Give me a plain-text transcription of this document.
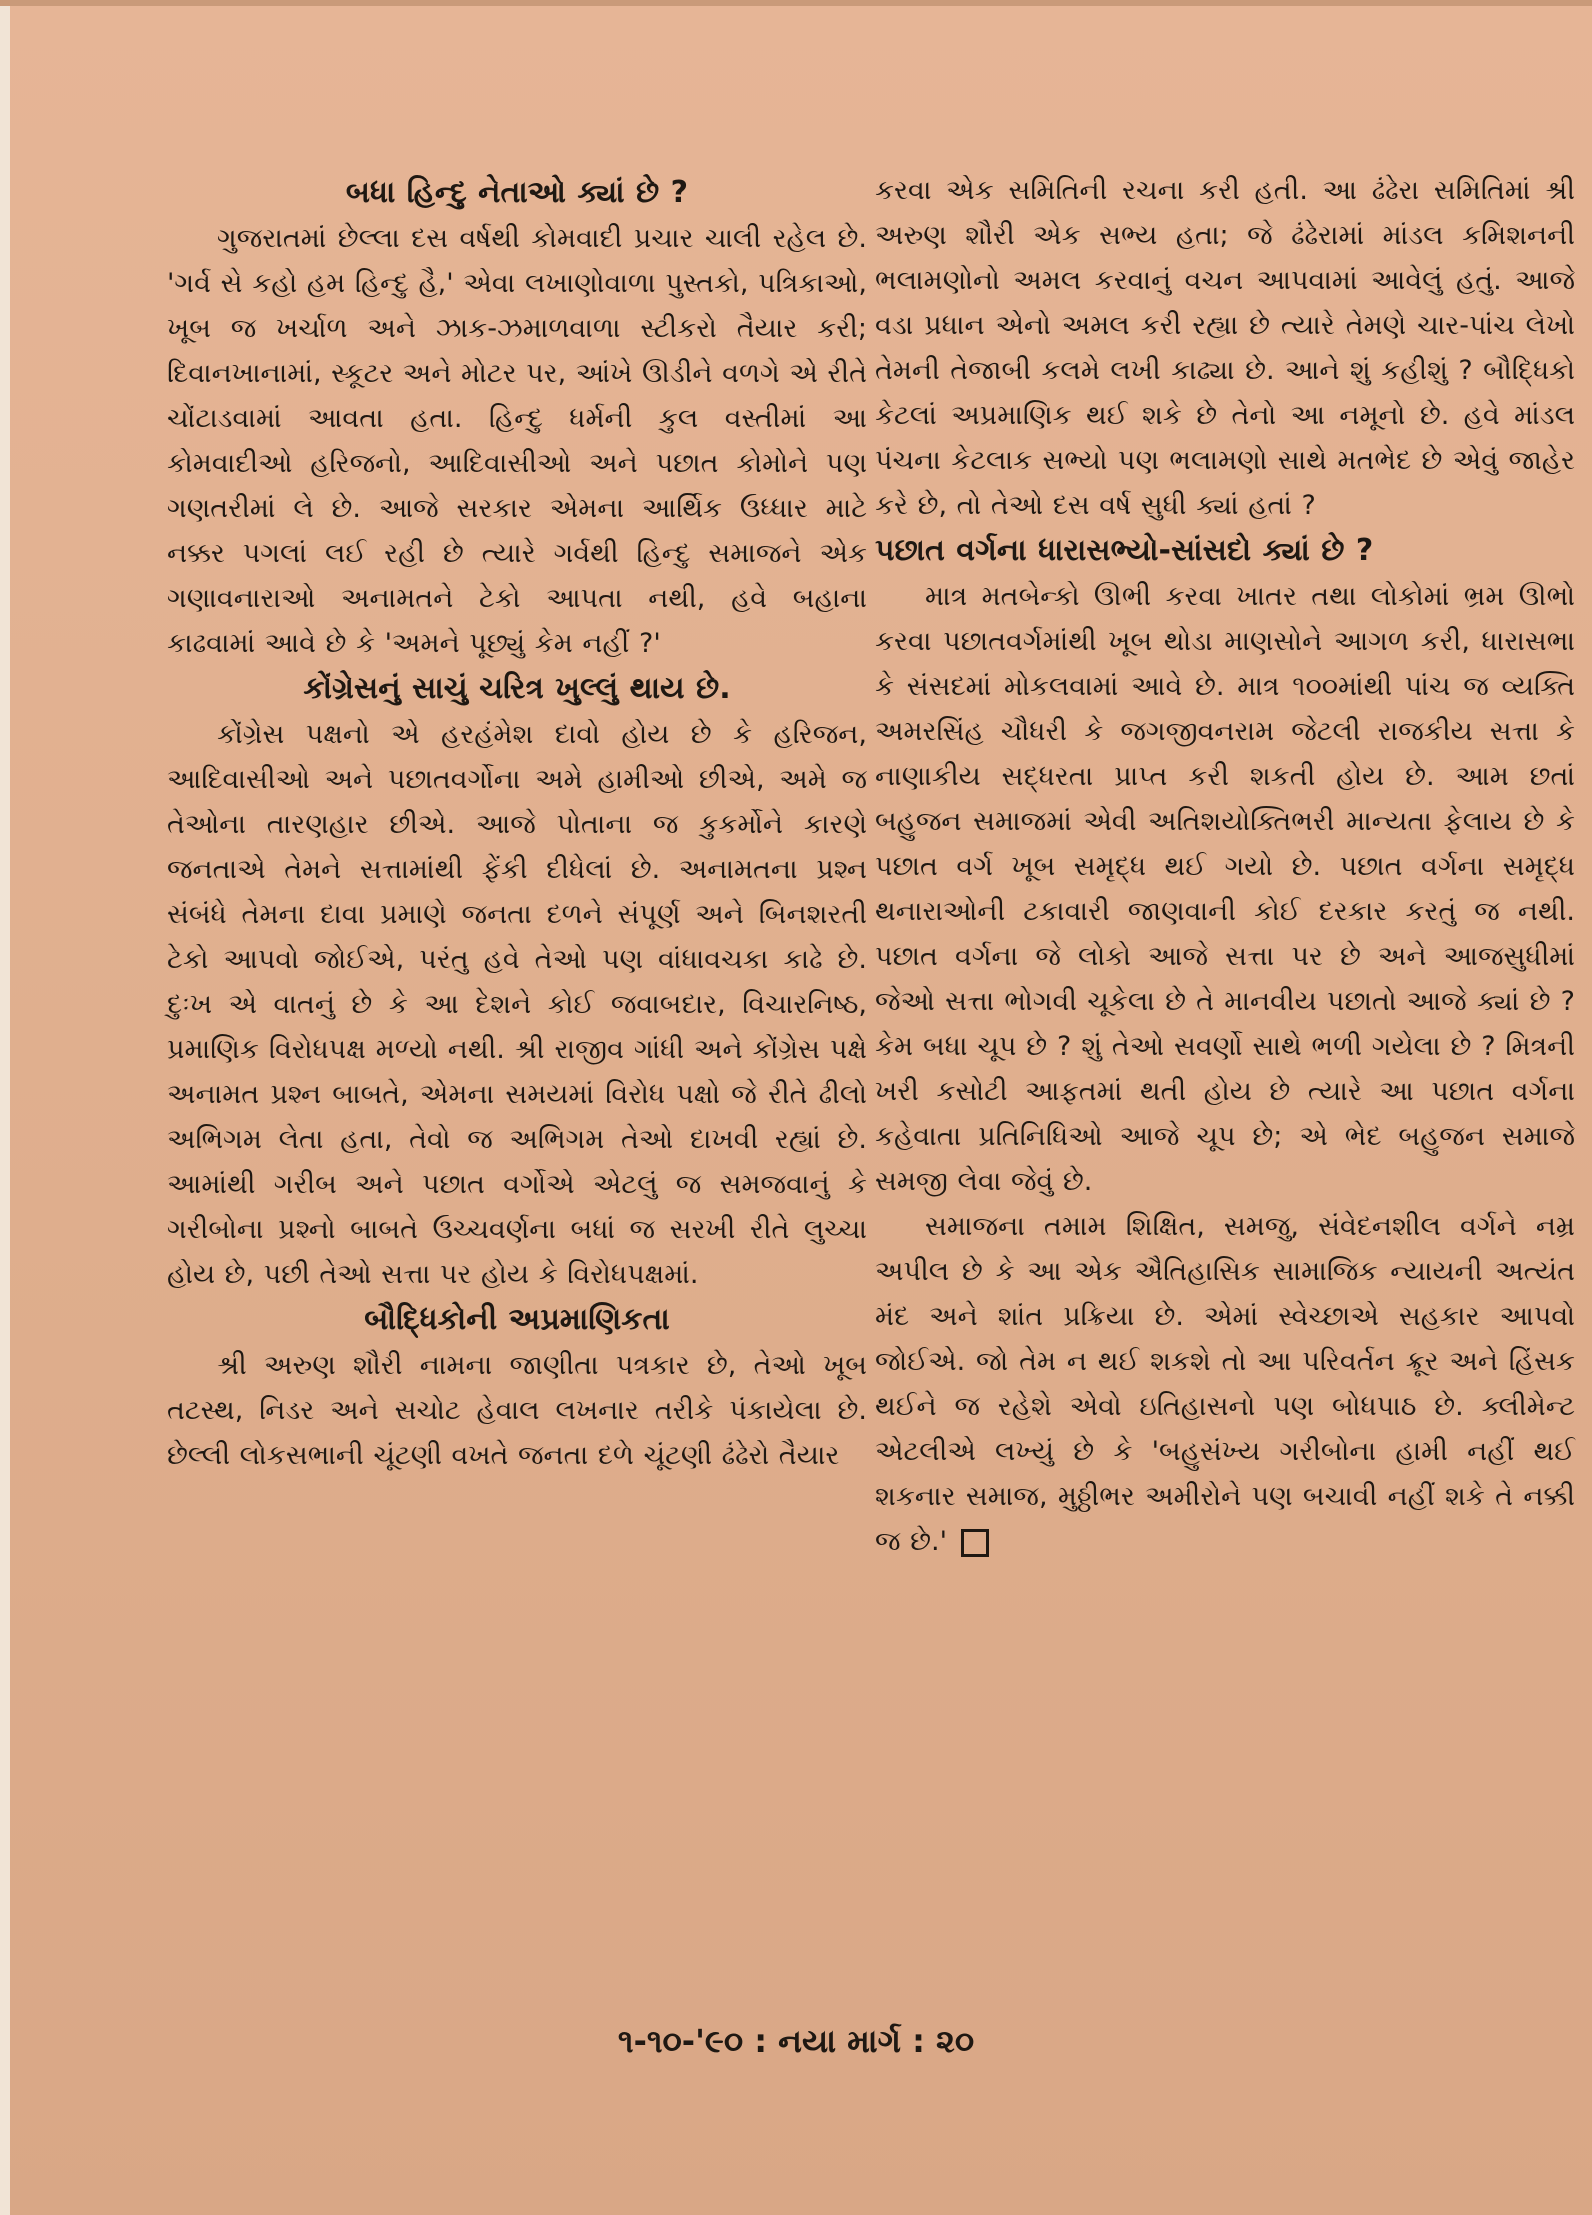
બધા હિન્દુ નેતાઓ ક્યાં છે ?

ગુજરાતમાં છેલ્લા દસ વર્ષથી કોમવાદી પ્રચાર ચાલી રહેલ છે. 'ગર્વ સે કહો હમ હિન્દુ હૈ,' એવા લખાણોવાળા પુસ્તકો, પત્રિકાઓ, ખૂબ જ ખર્ચાળ અને ઝાક-ઝમાળવાળા સ્ટીકરો તૈયાર કરી; દિવાનખાનામાં, સ્કૂટર અને મોટર પર, આંખે ઊડીને વળગે એ રીતે ચોંટાડવામાં આવતા હતા. હિન્દુ ધર્મની કુલ વસ્તીમાં આ કોમવાદીઓ હરિજનો, આદિવાસીઓ અને પછાત કોમોને પણ ગણતરીમાં લે છે. આજે સરકાર એમના આર્થિક ઉધ્ધાર માટે નક્કર પગલાં લઈ રહી છે ત્યારે ગર્વથી હિન્દુ સમાજને એક ગણાવનારાઓ અનામતને ટેકો આપતા નથી, હવે બહાના કાઢવામાં આવે છે કે 'અમને પૂછ્યું કેમ નહીં ?'

કોંગ્રેસનું સાચું ચરિત્ર ખુલ્લું થાય છે.

કોંગ્રેસ પક્ષનો એ હરહંમેશ દાવો હોય છે કે હરિજન, આદિવાસીઓ અને પછાતવર્ગોના અમે હામીઓ છીએ, અમે જ તેઓના તારણહાર છીએ. આજે પોતાના જ કુકર્મોને કારણે જનતાએ તેમને સત્તામાંથી ફેંકી દીધેલાં છે. અનામતના પ્રશ્ન સંબંધે તેમના દાવા પ્રમાણે જનતા દળને સંપૂર્ણ અને બિનશરતી ટેકો આપવો જોઈએ, પરંતુ હવે તેઓ પણ વાંધાવચકા કાઢે છે. દુઃખ એ વાતનું છે કે આ દેશને કોઈ જવાબદાર, વિચારનિષ્ઠ, પ્રમાણિક વિરોધપક્ષ મળ્યો નથી. શ્રી રાજીવ ગાંધી અને કોંગ્રેસ પક્ષે અનામત પ્રશ્ન બાબતે, એમના સમયમાં વિરોધ પક્ષો જે રીતે ઢીલો અભિગમ લેતા હતા, તેવો જ અભિગમ તેઓ દાખવી રહ્યાં છે. આમાંથી ગરીબ અને પછાત વર્ગોએ એટલું જ સમજવાનું કે ગરીબોના પ્રશ્નો બાબતે ઉચ્ચવર્ણના બધાં જ સરખી રીતે લુચ્ચા હોય છે, પછી તેઓ સત્તા પર હોય કે વિરોધપક્ષમાં.

બૌદ્ધિકોની અપ્રમાણિકતા

શ્રી અરુણ શૌરી નામના જાણીતા પત્રકાર છે, તેઓ ખૂબ તટસ્થ, નિડર અને સચોટ હેવાલ લખનાર તરીકે પંકાયેલા છે. છેલ્લી લોકસભાની ચૂંટણી વખતે જનતા દળે ચૂંટણી ઢંઢેરો તૈયાર

કરવા એક સમિતિની રચના કરી હતી. આ ઢંઢેરા સમિતિમાં શ્રી અરુણ શૌરી એક સભ્ય હતા; જે ઢંઢેરામાં માંડલ કમિશનની ભલામણોનો અમલ કરવાનું વચન આપવામાં આવેલું હતું. આજે વડા પ્રધાન એનો અમલ કરી રહ્યા છે ત્યારે તેમણે ચાર-પાંચ લેખો તેમની તેજાબી કલમે લખી કાઢ્યા છે. આને શું કહીશું ? બૌદ્ધિકો કેટલાં અપ્રમાણિક થઈ શકે છે તેનો આ નમૂનો છે. હવે માંડલ પંચના કેટલાક સભ્યો પણ ભલામણો સાથે મતભેદ છે એવું જાહેર કરે છે, તો તેઓ દસ વર્ષ સુધી ક્યાં હતાં ?

પછાત વર્ગના ધારાસભ્યો-સાંસદો ક્યાં છે ?

માત્ર મતબેન્કો ઊભી કરવા ખાતર તથા લોકોમાં ભ્રમ ઊભો કરવા પછાતવર્ગમાંથી ખૂબ થોડા માણસોને આગળ કરી, ધારાસભા કે સંસદમાં મોકલવામાં આવે છે. માત્ર ૧૦૦માંથી પાંચ જ વ્યક્તિ અમરસિંહ ચૌધરી કે જગજીવનરામ જેટલી રાજકીય સત્તા કે નાણાકીય સદ્ધરતા પ્રાપ્ત કરી શકતી હોય છે. આમ છતાં બહુજન સમાજમાં એવી અતિશયોક્તિભરી માન્યતા ફેલાય છે કે પછાત વર્ગ ખૂબ સમૃદ્ધ થઈ ગયો છે. પછાત વર્ગના સમૃદ્ધ થનારાઓની ટકાવારી જાણવાની કોઈ દરકાર કરતું જ નથી. પછાત વર્ગના જે લોકો આજે સત્તા પર છે અને આજસુધીમાં જેઓ સત્તા ભોગવી ચૂકેલા છે તે માનવીય પછાતો આજે ક્યાં છે ? કેમ બધા ચૂપ છે ? શું તેઓ સવર્ણો સાથે ભળી ગયેલા છે ? મિત્રની ખરી કસોટી આફતમાં થતી હોય છે ત્યારે આ પછાત વર્ગના કહેવાતા પ્રતિનિધિઓ આજે ચૂપ છે; એ ભેદ બહુજન સમાજે સમજી લેવા જેવું છે.

સમાજના તમામ શિક્ષિત, સમજુ, સંવેદનશીલ વર્ગને નમ્ર અપીલ છે કે આ એક ઐતિહાસિક સામાજિક ન્યાયની અત્યંત મંદ અને શાંત પ્રક્રિયા છે. એમાં સ્વેચ્છાએ સહકાર આપવો જોઈએ. જો તેમ ન થઈ શકશે તો આ પરિવર્તન ક્રૂર અને હિંસક થઈને જ રહેશે એવો ઇતિહાસનો પણ બોધપાઠ છે. ક્લીમેન્ટ એટલીએ લખ્યું છે કે 'બહુસંખ્ય ગરીબોના હામી નહીં થઈ શકનાર સમાજ, મુઠ્ઠીભર અમીરોને પણ બચાવી નહીં શકે તે નક્કી જ છે.'

૧-૧૦-'૯૦ : નયા માર્ગ : ૨૦
